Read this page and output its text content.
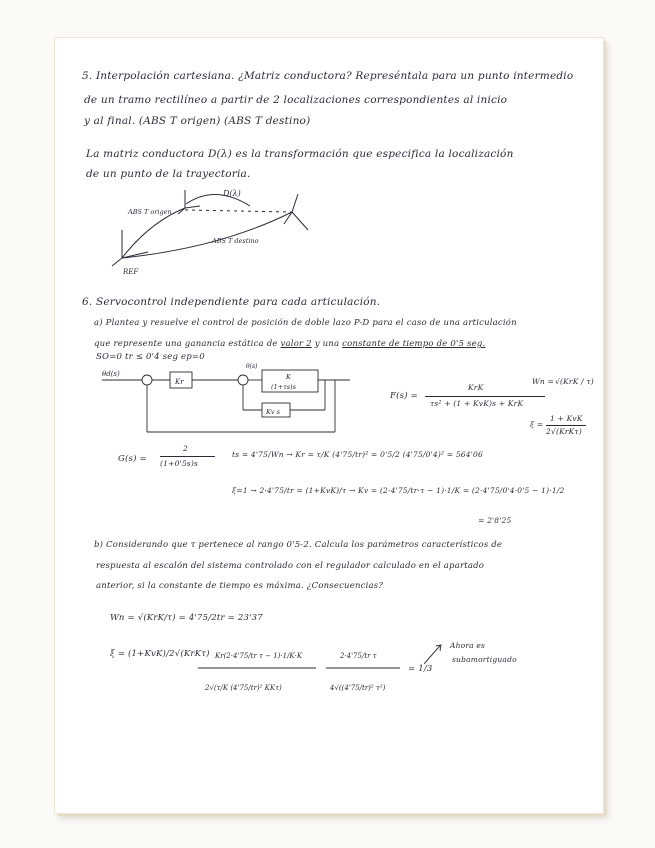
5. Interpolación cartesiana. ¿Matriz conductora? Represéntala para un punto intermedio
de un tramo rectilíneo a partir de 2 localizaciones correspondientes al inicio
y al final. (ABS T origen) (ABS T destino)
La matriz conductora D(λ) es la transformación que especifica la localización
de un punto de la trayectoria.
D(λ)
ABS T origen
ABS T destino
REF
6. Servocontrol independiente para cada articulación.
a) Plantea y resuelve el control de posición de doble lazo P-D para el caso de una articulación
que represente una ganancia estática de valor 2 y una constante de tiempo de 0'5 seg.
SO=0 tr ≤ 0'4 seg ep=0
θd(s)
Kr
K
(1+τs)s
Kv s
θ(s)
F(s) =
KrK
τs² + (1 + KvK)s + KrK
Wn = √(KrK / τ)
ξ =
1 + KvK
2√(KrKτ)
G(s) =
2
(1+0'5s)s
ts = 4'75/Wn → Kr = τ/K (4'75/tr)² = 0'5/2 (4'75/0'4)² = 564'06
ξ=1 → 2·4'75/tr = (1+KvK)/τ → Kv = (2·4'75/tr·τ − 1)·1/K = (2·4'75/0'4·0'5 − 1)·1/2
= 2'8'25
b) Considerando que τ pertenece al rango 0'5-2. Calcula los parámetros característicos de
respuesta al escalón del sistema controlado con el regulador calculado en el apartado
anterior, si la constante de tiempo es máxima. ¿Consecuencias?
Wn = √(KrK/τ) = 4'75/2tr = 23'37
ξ = (1+KvK)/2√(KrKτ)
= 1/3
Kr(2·4'75/tr τ − 1)·1/K·K
2√(τ/K (4'75/tr)² KKτ)
2·4'75/tr τ
4√((4'75/tr)² τ²)
Ahora es
subamortiguado
